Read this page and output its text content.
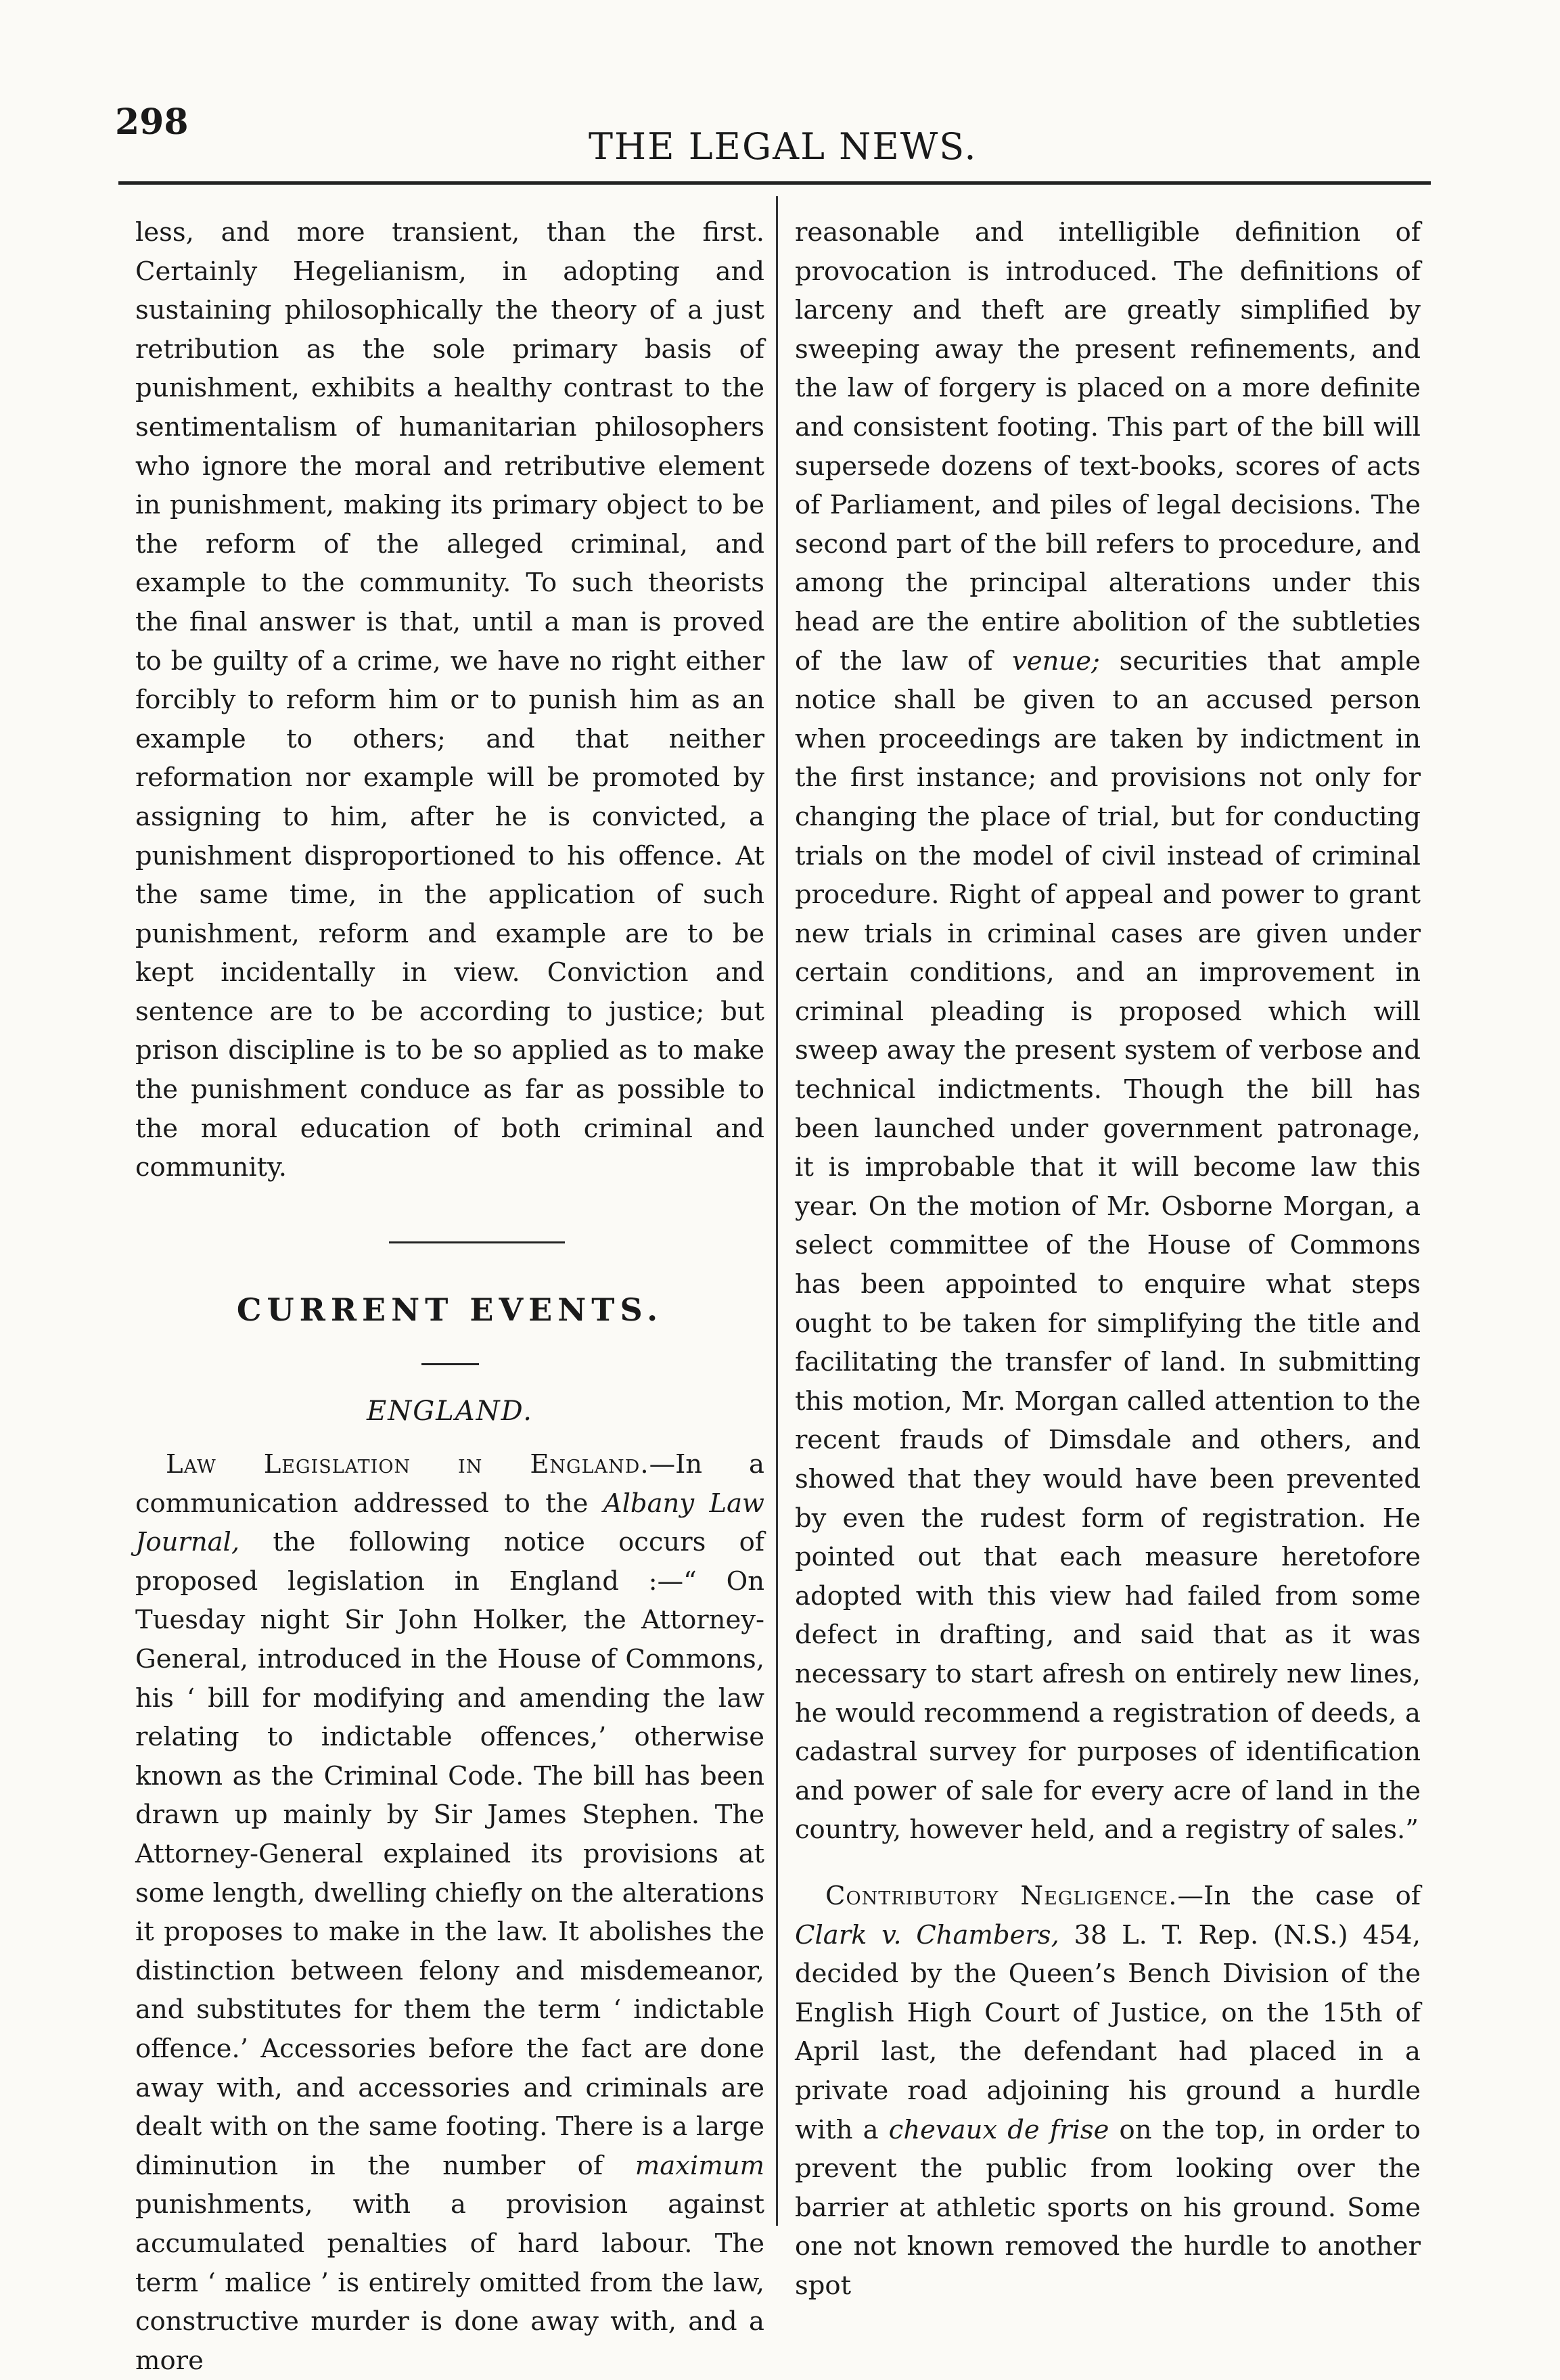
298
THE LEGAL NEWS.

less, and more transient, than the first. Certainly Hegelianism, in adopting and sustaining philosophically the theory of a just retribution as the sole primary basis of punishment, exhibits a healthy contrast to the sentimentalism of humanitarian philosophers who ignore the moral and retributive element in punishment, making its primary object to be the reform of the alleged criminal, and example to the community. To such theorists the final answer is that, until a man is proved to be guilty of a crime, we have no right either forcibly to reform him or to punish him as an example to others; and that neither reformation nor example will be promoted by assigning to him, after he is convicted, a punishment disproportioned to his offence. At the same time, in the application of such punishment, reform and example are to be kept incidentally in view. Conviction and sentence are to be according to justice; but prison discipline is to be so applied as to make the punishment conduce as far as possible to the moral education of both criminal and community.

CURRENT EVENTS.
ENGLAND.

Law Legislation in England.—In a communication addressed to the Albany Law Journal, the following notice occurs of proposed legislation in England :—“ On Tuesday night Sir John Holker, the Attorney-General, introduced in the House of Commons, his ‘ bill for modifying and amending the law relating to indictable offences,’ otherwise known as the Criminal Code. The bill has been drawn up mainly by Sir James Stephen. The Attorney-General explained its provisions at some length, dwelling chiefly on the alterations it proposes to make in the law. It abolishes the distinction between felony and misdemeanor, and substitutes for them the term ‘ indictable offence.’ Accessories before the fact are done away with, and accessories and criminals are dealt with on the same footing. There is a large diminution in the number of maximum punishments, with a provision against accumulated penalties of hard labour. The term ‘ malice ’ is entirely omitted from the law, constructive murder is done away with, and a more

reasonable and intelligible definition of provocation is introduced. The definitions of larceny and theft are greatly simplified by sweeping away the present refinements, and the law of forgery is placed on a more definite and consistent footing. This part of the bill will supersede dozens of text-books, scores of acts of Parliament, and piles of legal decisions. The second part of the bill refers to procedure, and among the principal alterations under this head are the entire abolition of the subtleties of the law of venue; securities that ample notice shall be given to an accused person when proceedings are taken by indictment in the first instance; and provisions not only for changing the place of trial, but for conducting trials on the model of civil instead of criminal procedure. Right of appeal and power to grant new trials in criminal cases are given under certain conditions, and an improvement in criminal pleading is proposed which will sweep away the present system of verbose and technical indictments. Though the bill has been launched under government patronage, it is improbable that it will become law this year. On the motion of Mr. Osborne Morgan, a select committee of the House of Commons has been appointed to enquire what steps ought to be taken for simplifying the title and facilitating the transfer of land. In submitting this motion, Mr. Morgan called attention to the recent frauds of Dimsdale and others, and showed that they would have been prevented by even the rudest form of registration. He pointed out that each measure heretofore adopted with this view had failed from some defect in drafting, and said that as it was necessary to start afresh on entirely new lines, he would recommend a registration of deeds, a cadastral survey for purposes of identification and power of sale for every acre of land in the country, however held, and a registry of sales.”

Contributory Negligence.—In the case of Clark v. Chambers, 38 L. T. Rep. (N.S.) 454, decided by the Queen’s Bench Division of the English High Court of Justice, on the 15th of April last, the defendant had placed in a private road adjoining his ground a hurdle with a chevaux de frise on the top, in order to prevent the public from looking over the barrier at athletic sports on his ground. Some one not known removed the hurdle to another spot
